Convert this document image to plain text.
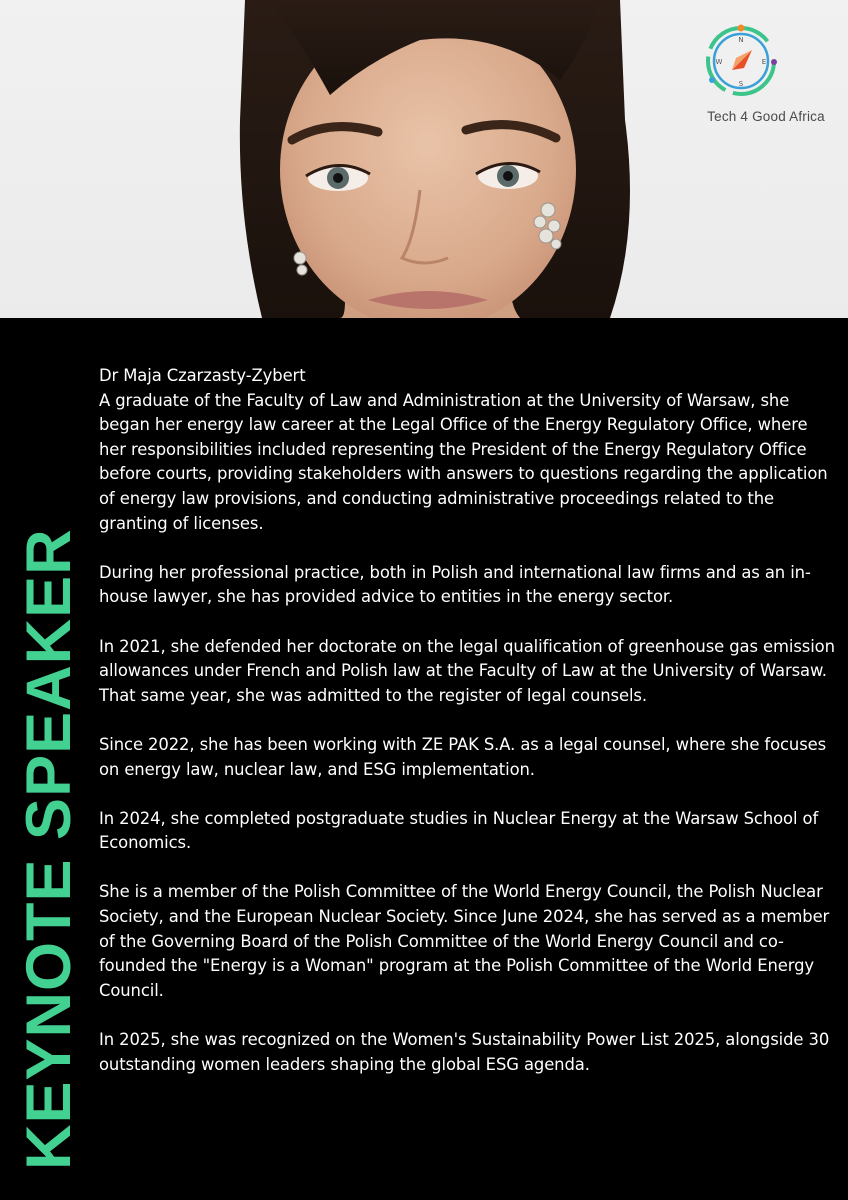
N
E
S
W
Tech 4 Good Africa
KEYNOTE SPEAKER
Dr Maja Czarzasty-Zybert

A graduate of the Faculty of Law and Administration at the University of Warsaw, she began her energy law career at the Legal Office of the Energy Regulatory Office, where her responsibilities included representing the President of the Energy Regulatory Office before courts, providing stakeholders with answers to questions regarding the application of energy law provisions, and conducting administrative proceedings related to the granting of licenses.

During her professional practice, both in Polish and international law firms and as an in-house lawyer, she has provided advice to entities in the energy sector.

In 2021, she defended her doctorate on the legal qualification of greenhouse gas emission allowances under French and Polish law at the Faculty of Law at the University of Warsaw. That same year, she was admitted to the register of legal counsels.

Since 2022, she has been working with ZE PAK S.A. as a legal counsel, where she focuses on energy law, nuclear law, and ESG implementation.

In 2024, she completed postgraduate studies in Nuclear Energy at the Warsaw School of Economics.

She is a member of the Polish Committee of the World Energy Council, the Polish Nuclear Society, and the European Nuclear Society. Since June 2024, she has served as a member of the Governing Board of the Polish Committee of the World Energy Council and co-founded the "Energy is a Woman" program at the Polish Committee of the World Energy Council.

In 2025, she was recognized on the Women's Sustainability Power List 2025, alongside 30 outstanding women leaders shaping the global ESG agenda.
